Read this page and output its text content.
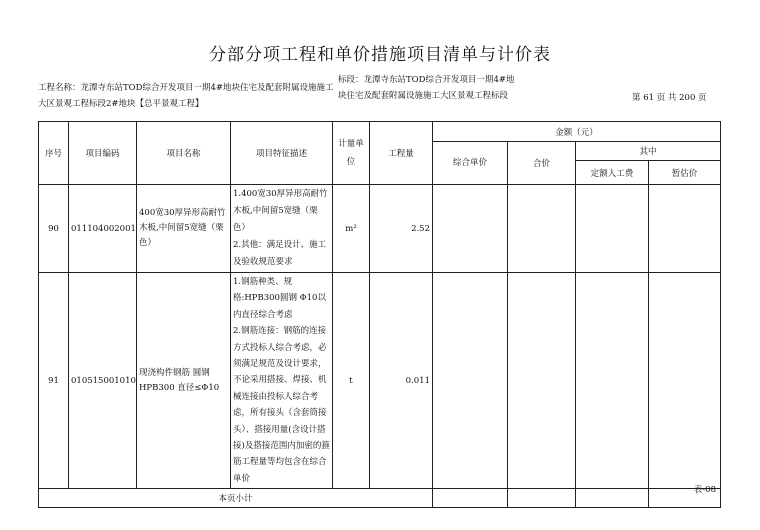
分部分项工程和单价措施项目清单与计价表
工程名称：龙潭寺东站TOD综合开发项目一期4#地块住宅及配套附属设施施工大区景观工程标段2#地块【总平景观工程】
标段：龙潭寺东站TOD综合开发项目一期4#地块住宅及配套附属设施施工大区景观工程标段	第 61 页 共 200 页
序号	项目编码	项目名称	项目特征描述	计量单位	工程量	金额（元）			
						综合单价	合价	其中	
								定额人工费	暂估价
90	011104002001	400宽30厚异形高耐竹木板,中间留5宽缝（栗色）	1.400宽30厚异形高耐竹木板,中间留5宽缝（栗色）
2.其他：满足设计、施工及验收规范要求	m²	2.52				
91	010515001010	现浇构件钢筋 圆钢HPB300 直径≤Φ10	1.钢筋种类、规格:HPB300圆钢 Φ10以内直径综合考虑
2.钢筋连接：钢筋的连接方式投标人综合考虑，必须满足规范及设计要求，不论采用搭接、焊接、机械连接由投标人综合考虑，所有接头（含套筒接头）、搭接用量(含设计搭接)及搭接范围内加密的箍筋工程量等均包含在综合单价	t	0.011				
本页小计									
表-08
